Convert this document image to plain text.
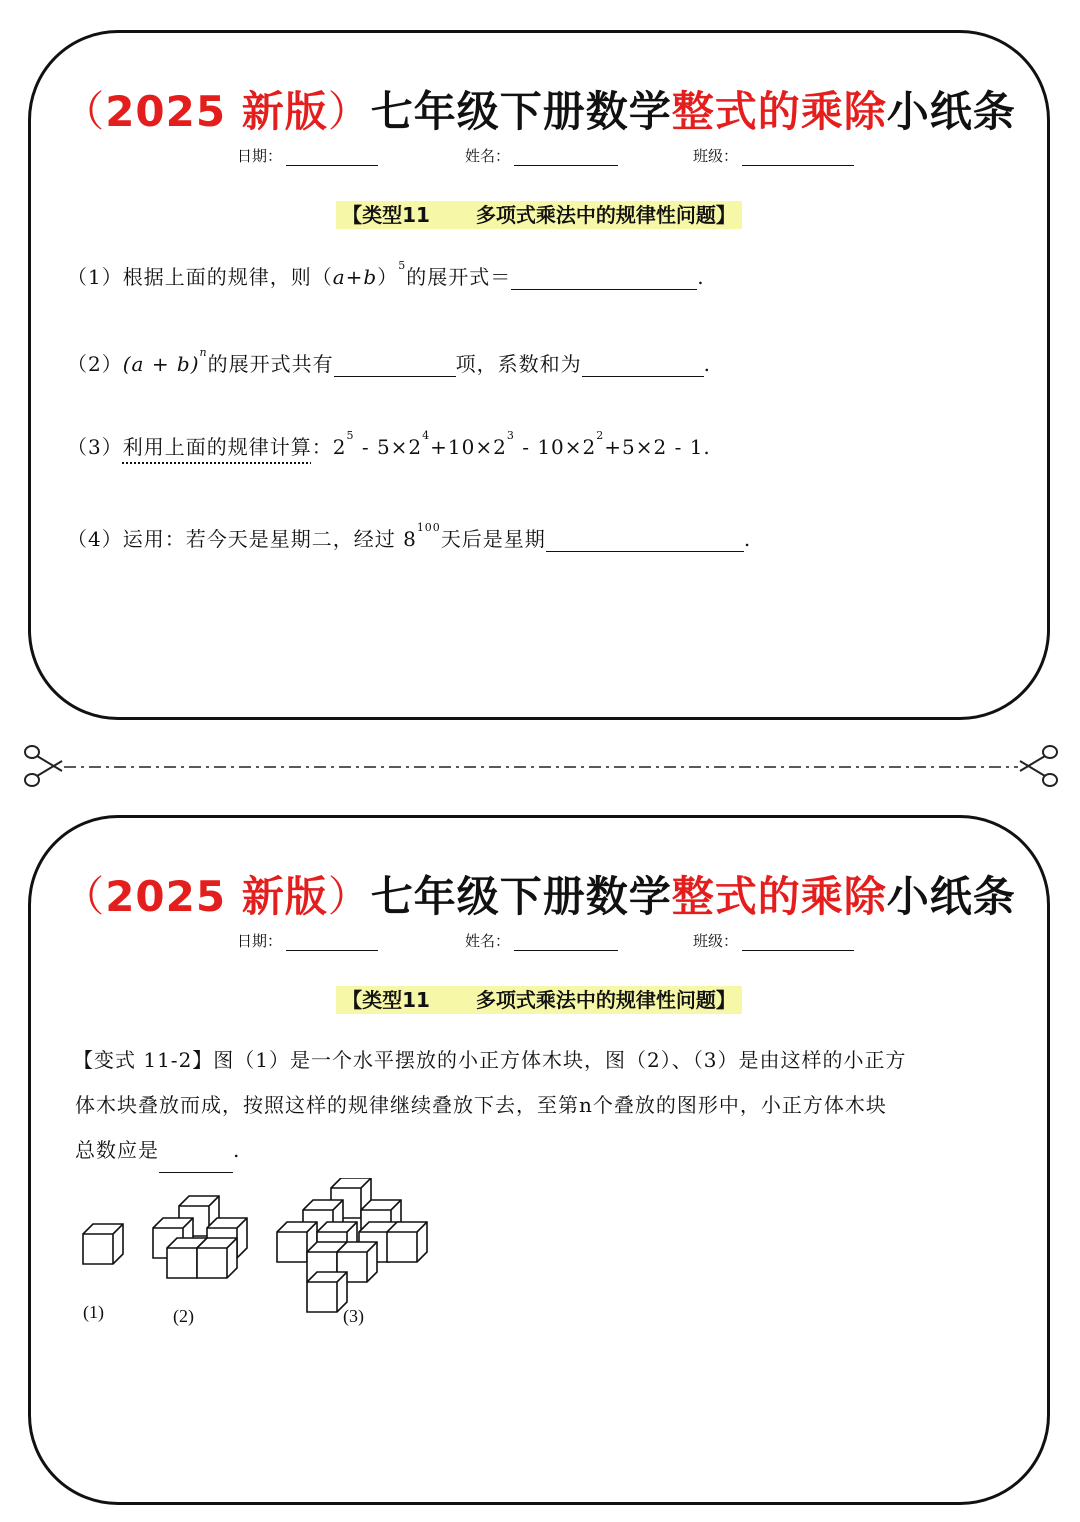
（2025 新版）七年级下册数学整式的乘除小纸条
日期：	姓名：	班级：
【类型11 多项式乘法中的规律性问题】
（1）根据上面的规律，则$(a+b)^5$的展开式＝	.
$(2)(a + b)^n$的展开式共有	项，系数和为	.
（3）利用上面的规律计算：$2^5 - 5\times 2^4+10\times 2^3 - 10\times 2^2+5\times 2 - 1$.
（4）运用：若今天是星期二，经过 $8^{100}$天后是星期	.
（2025 新版）七年级下册数学整式的乘除小纸条
日期：	姓名：	班级：
【类型11 多项式乘法中的规律性问题】
【变式 11-2】图（1）是一个水平摆放的小正方体木块，图（2）、（3）是由这样的小正方
体木块叠放而成，按照这样的规律继续叠放下去，至第n个叠放的图形中，小正方体木块
总数应是	.
(1)	(2)	(3)
